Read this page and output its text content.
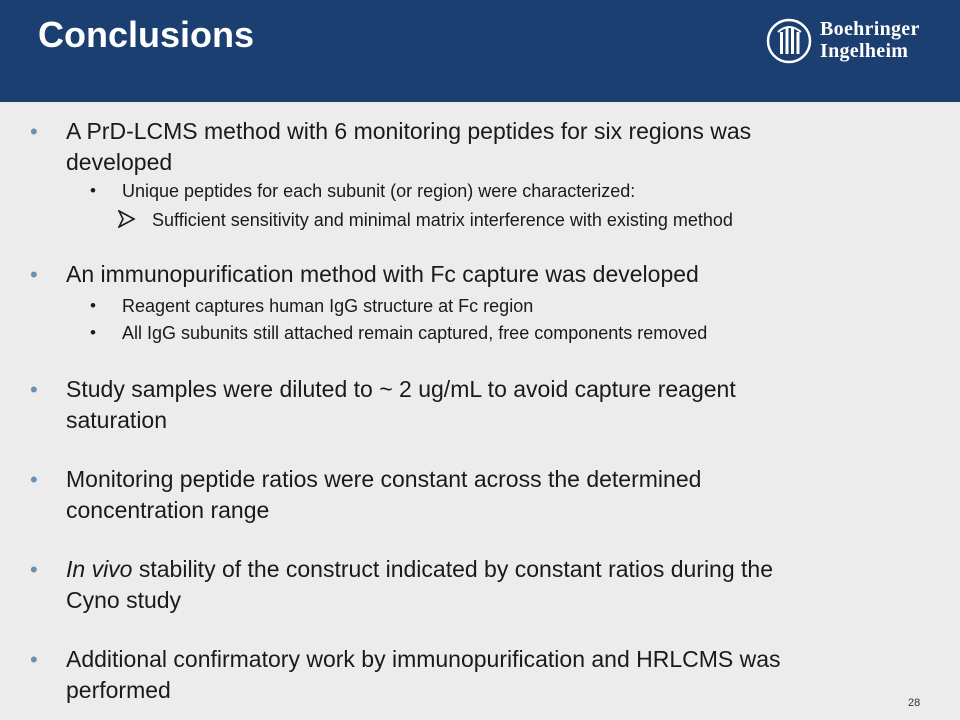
Conclusions	Boehringer
Ingelheim
• A PrD-LCMS method with 6 monitoring peptides for six regions was
developed
• Unique peptides for each subunit (or region) were characterized:
Sufficient sensitivity and minimal matrix interference with existing method
• An immunopurification method with Fc capture was developed
• Reagent captures human IgG structure at Fc region
• All IgG subunits still attached remain captured, free components removed
• Study samples were diluted to ~ 2 ug/mL to avoid capture reagent
saturation
• Monitoring peptide ratios were constant across the determined
concentration range
• In vivo stability of the construct indicated by constant ratios during the
Cyno study
• Additional confirmatory work by immunopurification and HRLCMS was
performed	28
